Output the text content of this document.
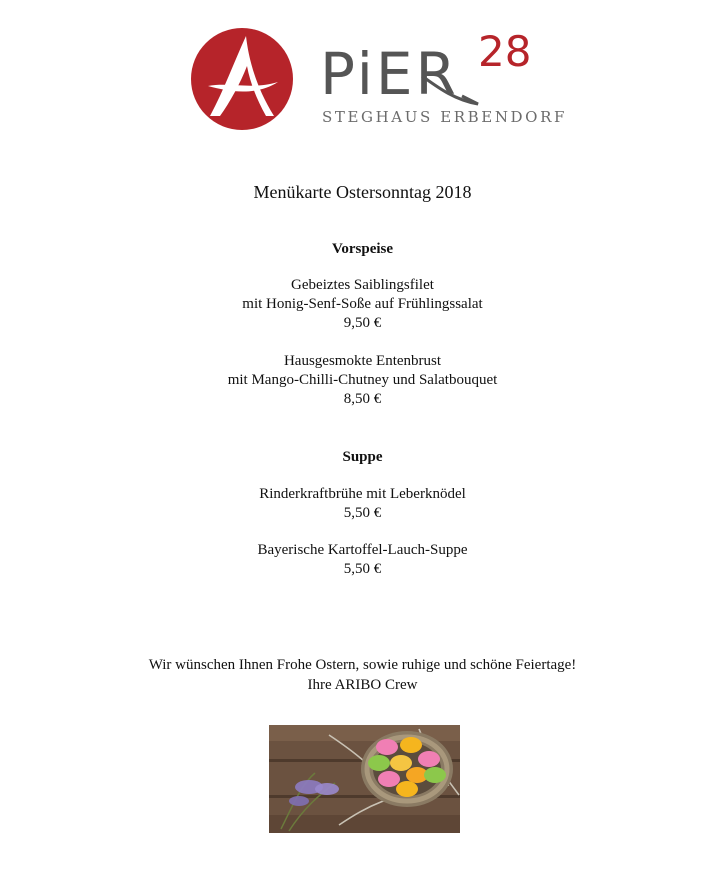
PiER 28
STEGHAUS ERBENDORF
Menükarte Ostersonntag 2018
Vorspeise
Gebeiztes Saiblingsfilet
mit Honig-Senf-Soße auf Frühlingssalat
9,50 €
Hausgesmokte Entenbrust
mit Mango-Chilli-Chutney und Salatbouquet
8,50 €
Suppe
Rinderkraftbrühe mit Leberknödel
5,50 €
Bayerische Kartoffel-Lauch-Suppe
5,50 €
Wir wünschen Ihnen Frohe Ostern, sowie ruhige und schöne Feiertage!
Ihre ARIBO Crew
